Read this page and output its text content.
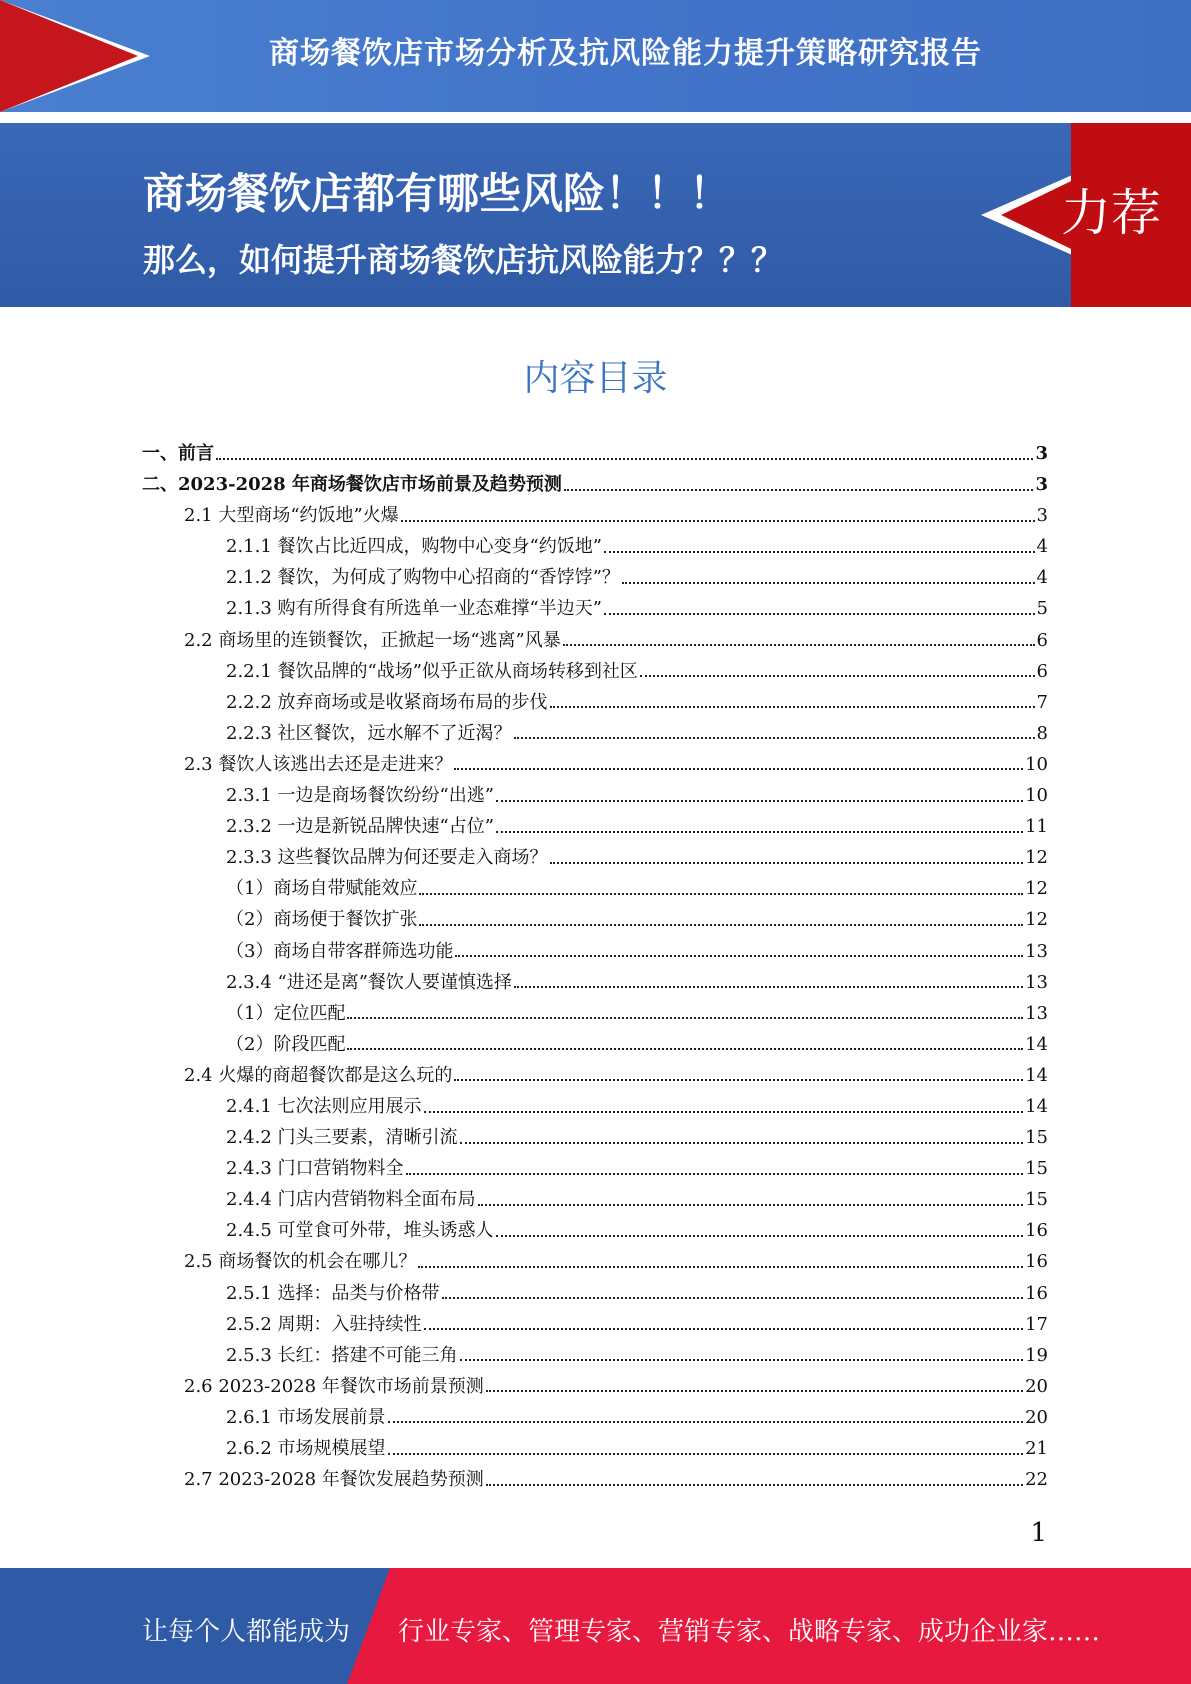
商场餐饮店市场分析及抗风险能力提升策略研究报告
商场餐饮店都有哪些风险！！！
那么，如何提升商场餐饮店抗风险能力？？？
力荐
内容目录
一、前言	3
二、2023-2028 年商场餐饮店市场前景及趋势预测	3
2.1 大型商场“约饭地”火爆	3
2.1.1 餐饮占比近四成，购物中心变身“约饭地”	4
2.1.2 餐饮，为何成了购物中心招商的“香饽饽”？	4
2.1.3 购有所得食有所选单一业态难撑“半边天”	5
2.2 商场里的连锁餐饮，正掀起一场“逃离”风暴	6
2.2.1 餐饮品牌的“战场”似乎正欲从商场转移到社区	6
2.2.2 放弃商场或是收紧商场布局的步伐	7
2.2.3 社区餐饮，远水解不了近渴？	8
2.3 餐饮人该逃出去还是走进来？	10
2.3.1 一边是商场餐饮纷纷“出逃”	10
2.3.2 一边是新锐品牌快速“占位”	11
2.3.3 这些餐饮品牌为何还要走入商场？	12
（1）商场自带赋能效应	12
（2）商场便于餐饮扩张	12
（3）商场自带客群筛选功能	13
2.3.4 “进还是离”餐饮人要谨慎选择	13
（1）定位匹配	13
（2）阶段匹配	14
2.4 火爆的商超餐饮都是这么玩的	14
2.4.1 七次法则应用展示	14
2.4.2 门头三要素，清晰引流	15
2.4.3 门口营销物料全	15
2.4.4 门店内营销物料全面布局	15
2.4.5 可堂食可外带，堆头诱惑人	16
2.5 商场餐饮的机会在哪儿？	16
2.5.1 选择：品类与价格带	16
2.5.2 周期：入驻持续性	17
2.5.3 长红：搭建不可能三角	19
2.6 2023-2028 年餐饮市场前景预测	20
2.6.1 市场发展前景	20
2.6.2 市场规模展望	21
2.7 2023-2028 年餐饮发展趋势预测	22
1
让每个人都能成为 行业专家、管理专家、营销专家、战略专家、成功企业家……
